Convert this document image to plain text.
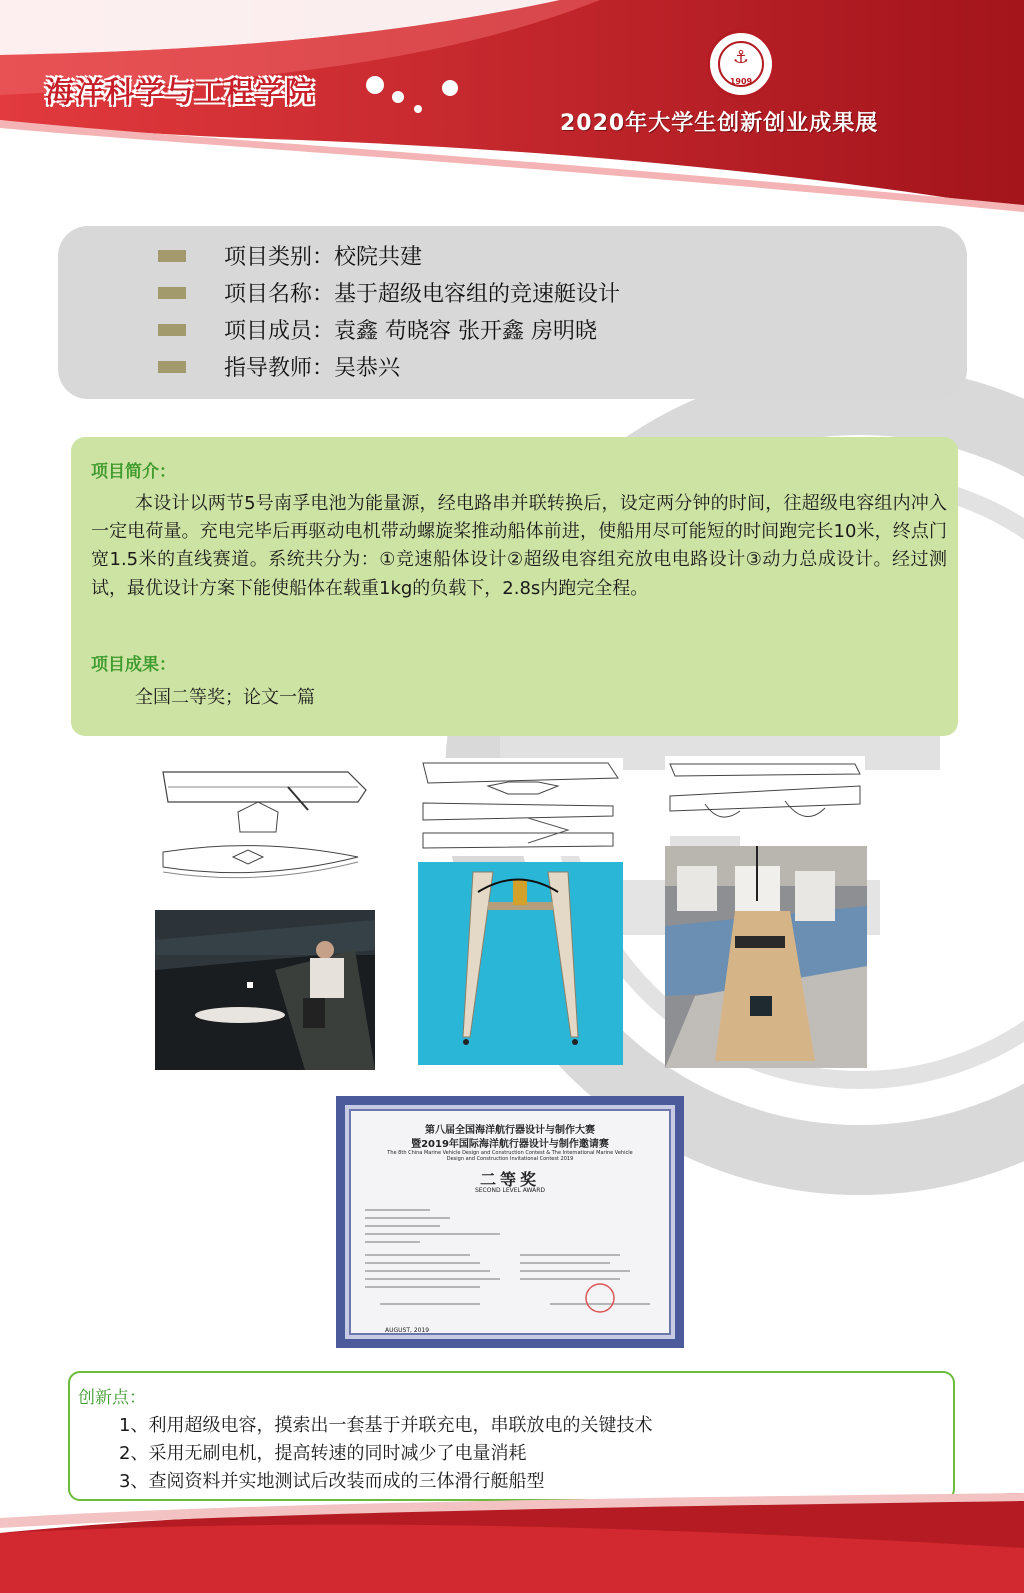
海洋科学与工程学院
2020年大学生创新创业成果展
⚓
1909
项目类别：校院共建
项目名称：基于超级电容组的竞速艇设计
项目成员：袁鑫 苟晓容 张开鑫 房明晓
指导教师：吴恭兴
项目简介：
本设计以两节5号南孚电池为能量源，经电路串并联转换后，设定两分钟的时间，往超级电容组内冲入一定电荷量。充电完毕后再驱动电机带动螺旋桨推动船体前进，使船用尽可能短的时间跑完长10米，终点门宽1.5米的直线赛道。系统共分为：①竞速船体设计②超级电容组充放电电路设计③动力总成设计。经过测试，最优设计方案下能使船体在载重1kg的负载下，2.8s内跑完全程。
项目成果：
全国二等奖；论文一篇
第八届全国海洋航行器设计与制作大赛
暨2019年国际海洋航行器设计与制作邀请赛
The 8th China Marine Vehicle Design and Construction Contest & The International Marine Vehicle Design and Construction Invitational Contest 2019
二等奖
SECOND LEVEL AWARD
AUGUST, 2019
创新点：
1、利用超级电容，摸索出一套基于并联充电，串联放电的关键技术
2、采用无刷电机，提高转速的同时减少了电量消耗
3、查阅资料并实地测试后改装而成的三体滑行艇船型
